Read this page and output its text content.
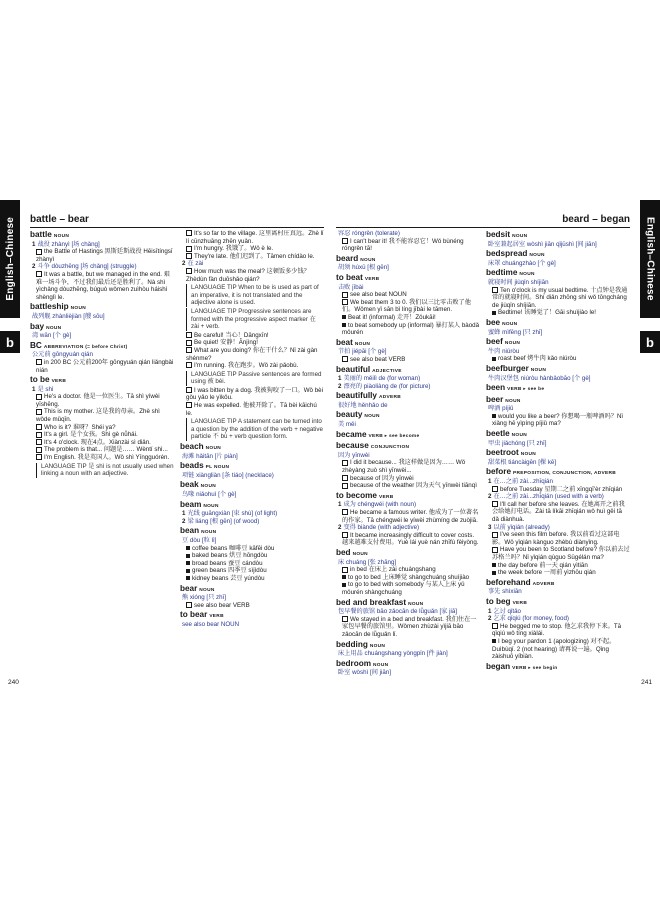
English–Chinese
b
battle – bear
battle NOUN
1 战役 zhànyì [场 chǎng]
the Battle of Hastings 黑斯廷斯战役 Hēisītíngsī zhànyì
2 斗争 dòuzhēng [场 chǎng] (struggle)
It was a battle, but we managed in the end. 艰难一场斗争，不过我们最后还是胜利了。Nà shì yìchǎng dòuzhēng, búguò wǒmen zuìhòu háishì shènglì le.
battleship NOUN
战列舰 zhànlièjiàn [艘 sōu]
bay NOUN
湾 wān [个 gè]
BC ABBREVIATION (= before Christ)
公元前 gōngyuán qián
in 200 BC 公元前200年 gōngyuán qián liǎngbǎi nián
to be VERB
1 是 shì
He's a doctor. 他是一位医生。Tā shì yíwèi yīshēng.
This is my mother. 这是我的母亲。Zhè shì wǒde mǔqīn.
Who is it? 谁呀？Shéi ya?
It's a girl. 是个女孩。Shì gè nǚhái.
It's 4 o'clock. 现在4点。Xiànzài sì diǎn.
The problem is that... 问题是…… Wèntí shì...
I'm English. 我是英国人。Wǒ shì Yīngguórén.
LANGUAGE TIP 是 shì is not usually used when linking a noun with an adjective.
It's so far to the village. 这里离村庄真远。Zhè lǐ lí cūnzhuāng zhēn yuǎn.
I'm hungry. 我饿了。Wǒ è le.
They're late. 他们迟到了。Tāmen chídào le.
2 在 zài
How much was the meal? 这顿饭多少钱？Zhèdùn fàn duōshǎo qián?
LANGUAGE TIP When to be is used as part of an imperative, it is not translated and the adjective alone is used.
LANGUAGE TIP Progressive sentences are formed with the progressive aspect marker 在 zài + verb.
Be careful! 当心！Dāngxīn!
Be quiet! 安静！Ānjìng!
What are you doing? 你在干什么？Nǐ zài gàn shénme?
I'm running. 我在跑步。Wǒ zài pǎobù.
LANGUAGE TIP Passive sentences are formed using 被 bèi.
I was bitten by a dog. 我被狗咬了一口。Wǒ bèi gǒu yǎo le yìkǒu.
He was expelled. 他被开除了。Tā bèi kāichú le.
LANGUAGE TIP A statement can be turned into a question by the addition of the verb + negative particle 不 bù + verb question form.
beach NOUN
海滩 hǎitān [片 piàn]
beads PL NOUN
项链 xiàngliàn [条 tiáo] (necklace)
beak NOUN
鸟喙 niǎohuì [个 gè]
beam NOUN
1 光线 guāngxiàn [束 shù] (of light)
2 梁 liáng [根 gēn] (of wood)
bean NOUN
豆 dòu [粒 lì]
coffee beans 咖啡豆 kāfēi dòu
baked beans 烘豆 hōngdòu
broad beans 蚕豆 cándòu
green beans 四季豆 sìjìdòu
kidney beans 芸豆 yúndòu
bear NOUN
熊 xióng [只 zhī]
see also bear VERB
to bear VERB
see also bear NOUN
240
English–Chinese
b
beard – began
容忍 róngrěn (tolerate)
I can't bear it! 我不能容忍它！Wǒ bùnéng róngrěn tā!
beard NOUN
胡须 húxū [根 gēn]
to beat VERB
击败 jībài
see also beat NOUN
We beat them 3 to 0. 我们以三比零击败了他们。Wǒmen yǐ sān bǐ líng jībài le tāmen.
Beat it! (informal) 走开！Zǒukāi!
to beat somebody up (informal) 暴打某人 bàodǎ mǒurén
beat NOUN
节拍 jiépāi [个 gè]
see also beat VERB
beautiful ADJECTIVE
1 美丽的 měilì de (for woman)
2 漂亮的 piàoliàng de (for picture)
beautifully ADVERB
很好地 hěnhǎo de
beauty NOUN
美 měi
became VERB ▸ see become
because CONJUNCTION
因为 yīnwèi
I did it because... 我这样做是因为…… Wǒ zhèyàng zuò shì yīnwèi...
because of 因为 yīnwèi
because of the weather 因为天气 yīnwèi tiānqì
to become VERB
1 成为 chéngwéi (with noun)
He became a famous writer. 他成为了一位著名的作家。Tā chéngwéi le yíwèi zhùmíng de zuòjiā.
2 变得 biànde (with adjective)
It became increasingly difficult to cover costs. 越来越难支付费用。Yuè lái yuè nán zhīfù fèiyòng.
bed NOUN
床 chuáng [张 zhāng]
in bed 在床上 zài chuángshang
to go to bed 上床睡觉 shàngchuáng shuìjiào
to go to bed with somebody 与某人上床 yǔ mǒurén shàngchuáng
bed and breakfast NOUN
包早餐的旅馆 bāo zǎocān de lǚguǎn [家 jiā]
We stayed in a bed and breakfast. 我们住在一家包早餐的旅馆里。Wǒmen zhùzài yìjiā bāo zǎocān de lǚguǎn lǐ.
bedding NOUN
床上用品 chuángshang yòngpǐn [件 jiàn]
bedroom NOUN
卧室 wòshì [间 jiān]
bedsit NOUN
卧室兼起居室 wòshì jiān qǐjūshì [间 jiān]
bedspread NOUN
床罩 chuángzhào [个 gè]
bedtime NOUN
就寝时间 jiùqǐn shíjiān
Ten o'clock is my usual bedtime. 十点钟是我通常的就寝时间。Shí diǎn zhōng shì wǒ tōngcháng de jiùqǐn shíjiān.
Bedtime! 该睡觉了！Gāi shuìjiào le!
bee NOUN
蜜蜂 mìfēng [只 zhī]
beef NOUN
牛肉 niúròu
roast beef 烤牛肉 kǎo niúròu
beefburger NOUN
牛肉汉堡包 niúròu hànbǎobāo [个 gè]
been VERB ▸ see be
beer NOUN
啤酒 píjiǔ
would you like a beer? 你想喝一瓶啤酒吗？Nǐ xiǎng hē yìpíng píjiǔ ma?
beetle NOUN
甲虫 jiǎchóng [只 zhī]
beetroot NOUN
甜菜根 tiáncàigēn [棵 kē]
before PREPOSITION, CONJUNCTION, ADVERB
1 在…之前 zài...zhīqián
before Tuesday 星期二之前 xīngqī'èr zhīqián
2 在…之前 zài...zhīqián (used with a verb)
I'll call her before she leaves. 在她离开之前我会给她打电话。Zài tā líkāi zhīqián wǒ huì gěi tā dǎ diànhuà.
3 以前 yǐqián (already)
I've seen this film before. 我以前看过这部电影。Wǒ yǐqián kànguo zhèbù diànyǐng.
Have you been to Scotland before? 你以前去过苏格兰吗？Nǐ yǐqián qùguo Sūgélán ma?
the day before 前一天 qián yìtiān
the week before 一周前 yìzhōu qián
beforehand ADVERB
事先 shìxiān
to beg VERB
1 乞讨 qǐtǎo
2 乞求 qǐqiú (for money, food)
He begged me to stop. 他乞求我停下来。Tā qǐqiú wǒ tíng xiàlái.
I beg your pardon 1 (apologizing) 对不起。Duìbùqǐ. 2 (not hearing) 请再说一遍。Qǐng zàishuō yíbiàn.
began VERB ▸ see begin
241
